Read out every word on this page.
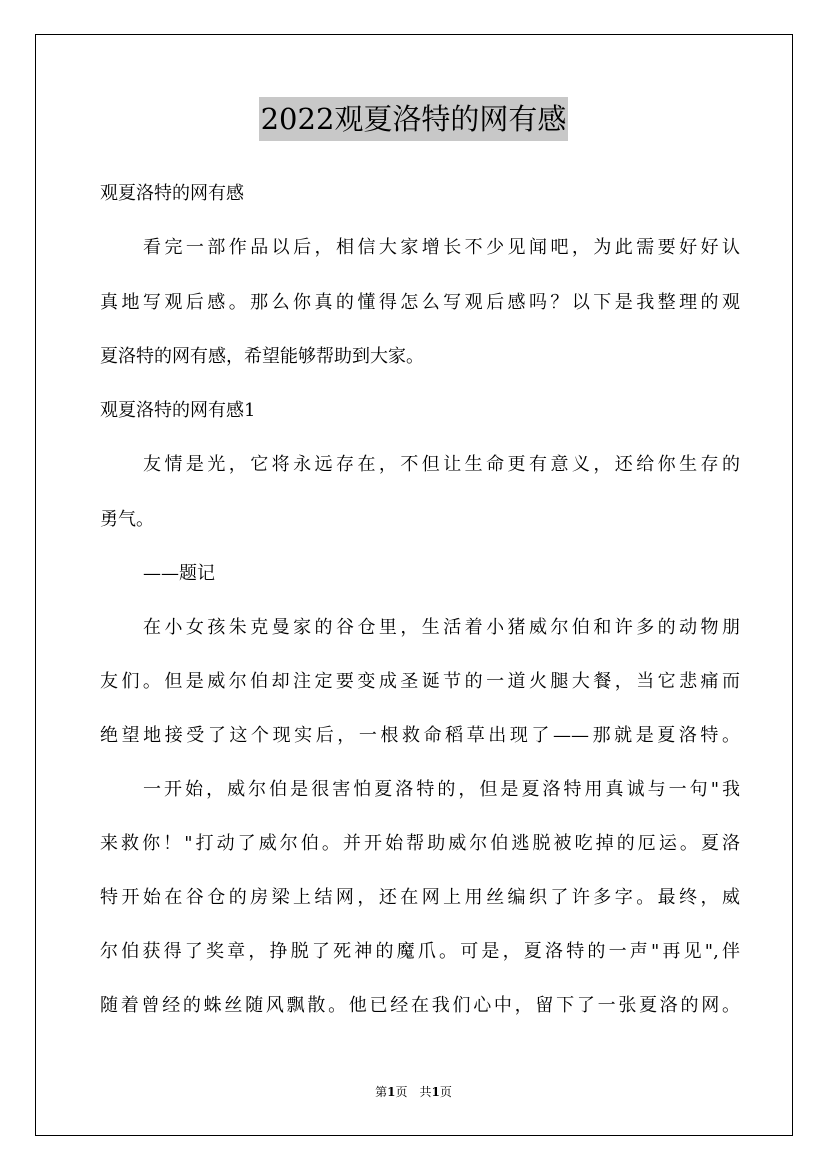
2022观夏洛特的网有感
观夏洛特的网有感
看完一部作品以后，相信大家增长不少见闻吧，为此需要好好认
真地写观后感。那么你真的懂得怎么写观后感吗？以下是我整理的观
夏洛特的网有感，希望能够帮助到大家。
观夏洛特的网有感1
友情是光，它将永远存在，不但让生命更有意义，还给你生存的
勇气。
——题记
在小女孩朱克曼家的谷仓里，生活着小猪威尔伯和许多的动物朋
友们。但是威尔伯却注定要变成圣诞节的一道火腿大餐，当它悲痛而
绝望地接受了这个现实后，一根救命稻草出现了——那就是夏洛特。
一开始，威尔伯是很害怕夏洛特的，但是夏洛特用真诚与一句"我
来救你！"打动了威尔伯。并开始帮助威尔伯逃脱被吃掉的厄运。夏洛
特开始在谷仓的房梁上结网，还在网上用丝编织了许多字。最终，威
尔伯获得了奖章，挣脱了死神的魔爪。可是，夏洛特的一声"再见",伴
随着曾经的蛛丝随风飘散。他已经在我们心中，留下了一张夏洛的网。
第1页　共1页
